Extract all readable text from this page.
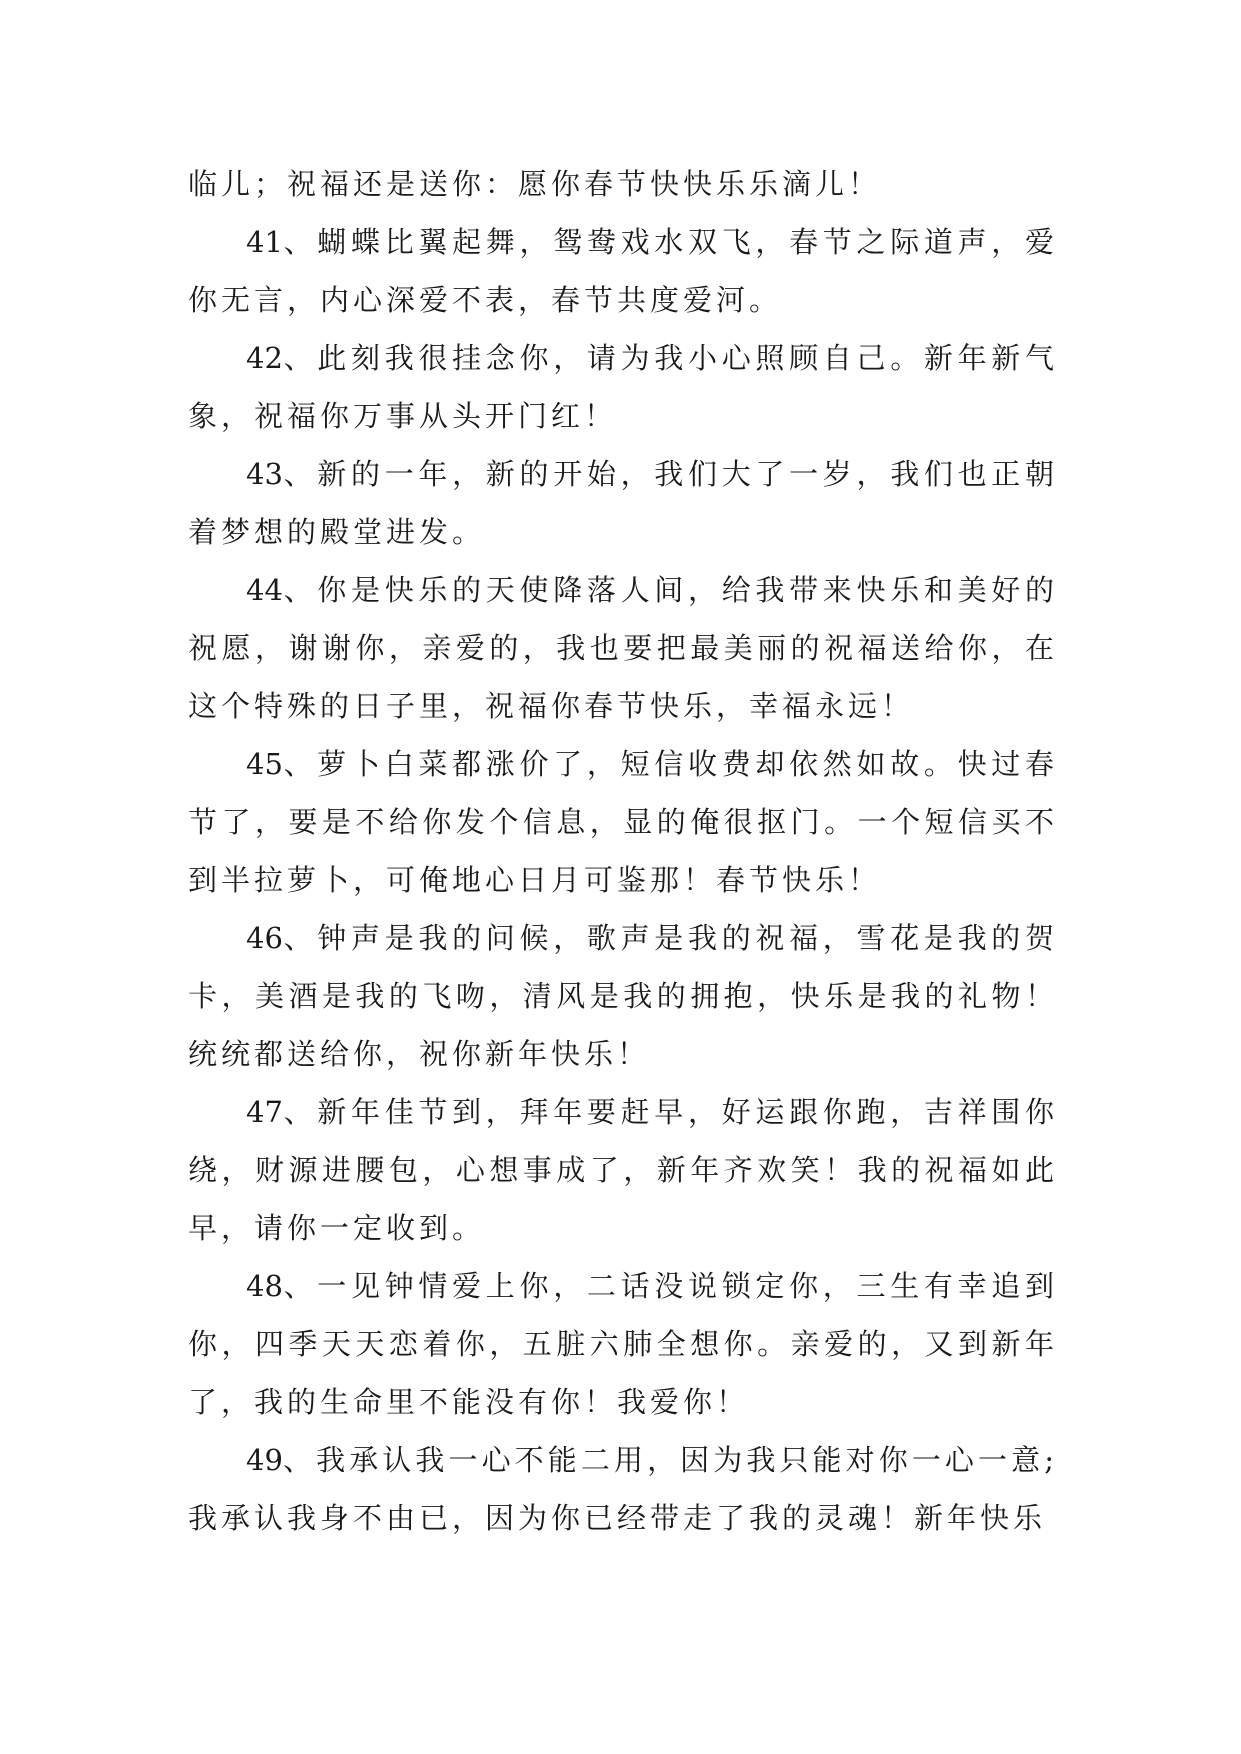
临儿；祝福还是送你：愿你春节快快乐乐滴儿！

41、蝴蝶比翼起舞，鸳鸯戏水双飞，春节之际道声，爱你无言，内心深爱不表，春节共度爱河。

42、此刻我很挂念你，请为我小心照顾自己。新年新气象，祝福你万事从头开门红！

43、新的一年，新的开始，我们大了一岁，我们也正朝着梦想的殿堂进发。

44、你是快乐的天使降落人间，给我带来快乐和美好的祝愿，谢谢你，亲爱的，我也要把最美丽的祝福送给你，在这个特殊的日子里，祝福你春节快乐，幸福永远！

45、萝卜白菜都涨价了，短信收费却依然如故。快过春节了，要是不给你发个信息，显的俺很抠门。一个短信买不到半拉萝卜，可俺地心日月可鉴那！春节快乐！

46、钟声是我的问候，歌声是我的祝福，雪花是我的贺卡，美酒是我的飞吻，清风是我的拥抱，快乐是我的礼物！统统都送给你，祝你新年快乐！

47、新年佳节到，拜年要赶早，好运跟你跑，吉祥围你绕，财源进腰包，心想事成了，新年齐欢笑！我的祝福如此早，请你一定收到。

48、一见钟情爱上你，二话没说锁定你，三生有幸追到你，四季天天恋着你，五脏六肺全想你。亲爱的，又到新年了，我的生命里不能没有你！我爱你！

49、我承认我一心不能二用，因为我只能对你一心一意;我承认我身不由已，因为你已经带走了我的灵魂！新年快乐
